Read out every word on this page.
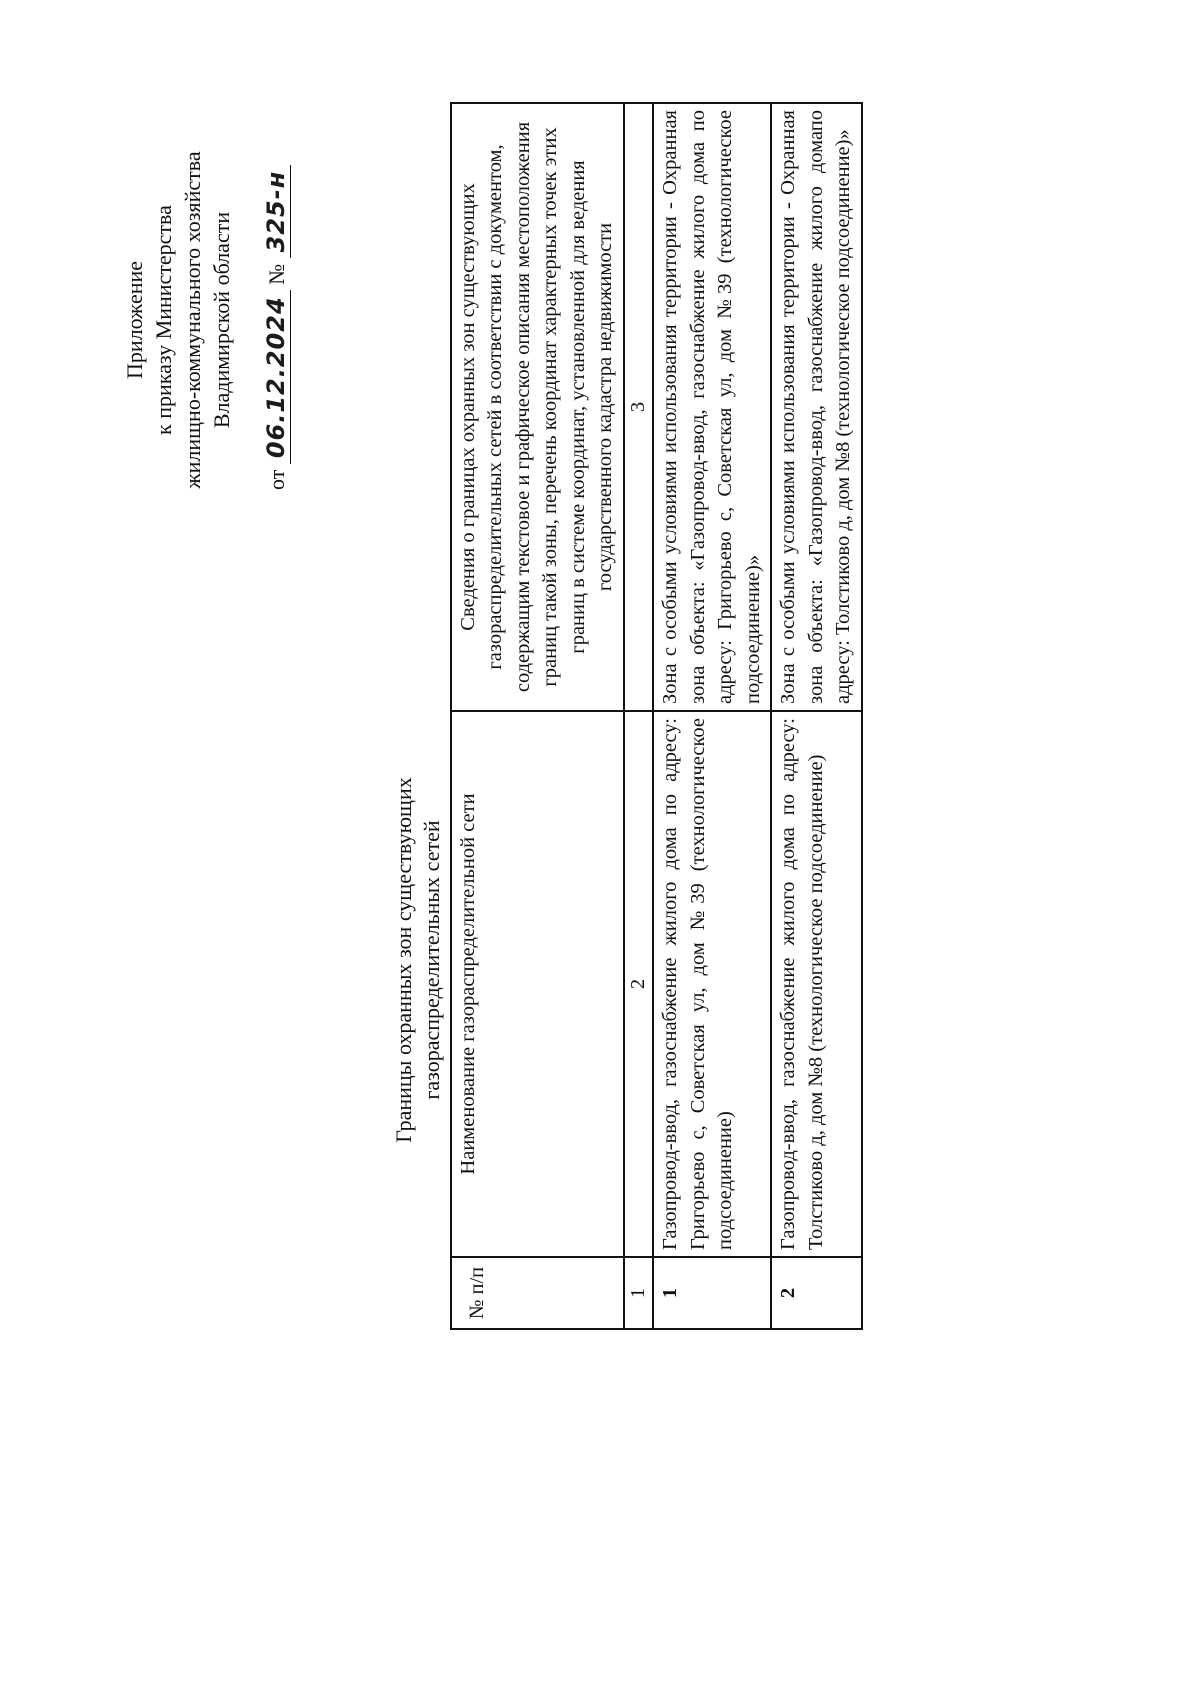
Приложение к приказу Министерства жилищно-коммунального хозяйства Владимирской области
от 06.12.2024 № 325-н
Границы охранных зон существующих газораспределительных сетей
№ п/п	Наименование газораспределительной сети	Сведения о границах охранных зон существующих газораспределительных сетей в соответствии с документом, содержащим текстовое и графическое описания местоположения границ такой зоны, перечень координат характерных точек этих границ в системе координат, установленной для ведения государственного кадастра недвижимости
1	2	3
1	Газопровод-ввод, газоснабжение жилого дома по адресу: Григорьево с, Советская ул, дом №39 (технологическое подсоединение)	Зона с особыми условиями использования территории - Охранная зона объекта: «Газопровод-ввод, газоснабжение жилого дома по адресу: Григорьево с, Советская ул, дом №39 (технологическое подсоединение)»
2	Газопровод-ввод, газоснабжение жилого дома по адресу: Толстиково д, дом №8 (технологическое подсоединение)	Зона с особыми условиями использования территории - Охранная зона объекта: «Газопровод-ввод, газоснабжение жилого домапо адресу: Толстиково д, дом №8 (технологическое подсоединение)»
